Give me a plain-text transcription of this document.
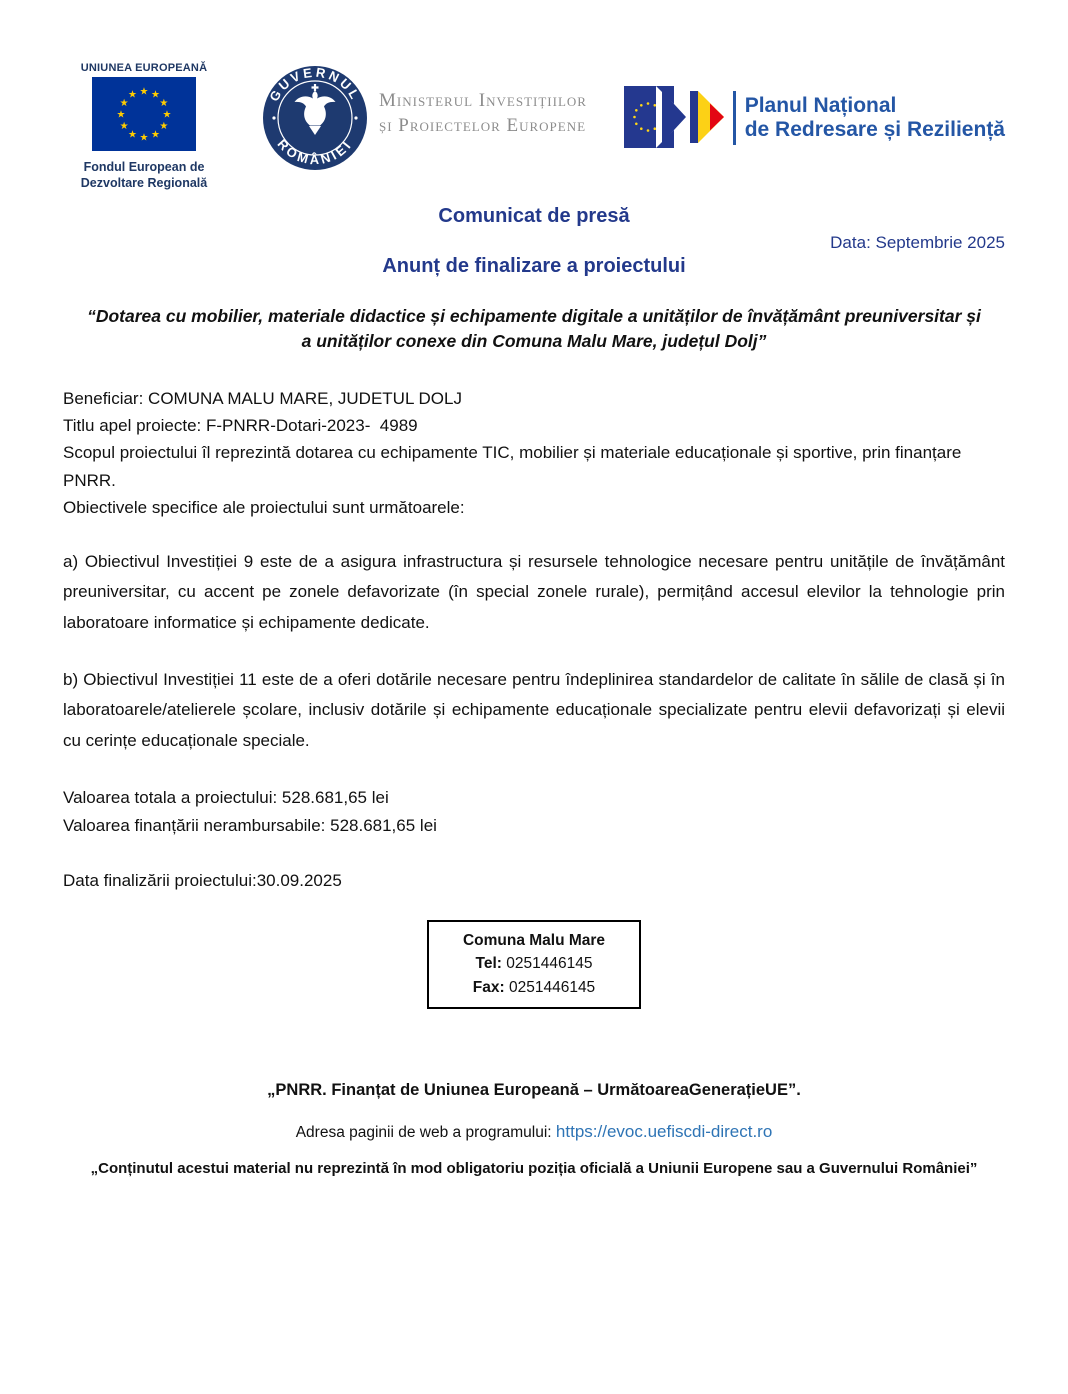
UNIUNEA EUROPEANĂ
★ ★
★
★
★
★
★
★
★
★
★
★
Fondul European de
Dezvoltare Regională
GUVERNUL
ROMÂNIEI
Ministerul Investițiilor
și Proiectelor Europene
Planul Național
de Redresare și Reziliență
Comunicat de presă
Data: Septembrie 2025
Anunț de finalizare a proiectului
“Dotarea cu mobilier, materiale didactice și echipamente digitale a unităților de învățământ preuniversitar și a unităților conexe din Comuna Malu Mare, județul Dolj”

Beneficiar: COMUNA MALU MARE, JUDETUL DOLJ

Titlu apel proiecte: F-PNRR-Dotari-2023-  4989

Scopul proiectului îl reprezintă dotarea cu echipamente TIC, mobilier și materiale educaționale și sportive, prin finanțare PNRR.

Obiectivele specifice ale proiectului sunt următoarele:

a) Obiectivul Investiției 9 este de a asigura infrastructura și resursele tehnologice necesare pentru unitățile de învățământ preuniversitar, cu accent pe zonele defavorizate (în special zonele rurale), permițând accesul elevilor la tehnologie prin laboratoare informatice și echipamente dedicate.

b) Obiectivul Investiției 11 este de a oferi dotările necesare pentru îndeplinirea standardelor de calitate în sălile de clasă și în laboratoarele/atelierele școlare, inclusiv dotările și echipamente educaționale specializate pentru elevii defavorizați și elevii cu cerințe educaționale speciale.

Valoarea totala a proiectului: 528.681,65 lei

Valoarea finanțării nerambursabile: 528.681,65 lei

Data finalizării proiectului:30.09.2025

Comuna Malu Mare
Tel: 0251446145
Fax: 0251446145
„PNRR. Finanțat de Uniunea Europeană – UrmătoareaGenerațieUE”.
Adresa paginii de web a programului: https://evoc.uefiscdi-direct.ro
„Conținutul acestui material nu reprezintă în mod obligatoriu poziția oficială a Uniunii Europene sau a Guvernului României”
